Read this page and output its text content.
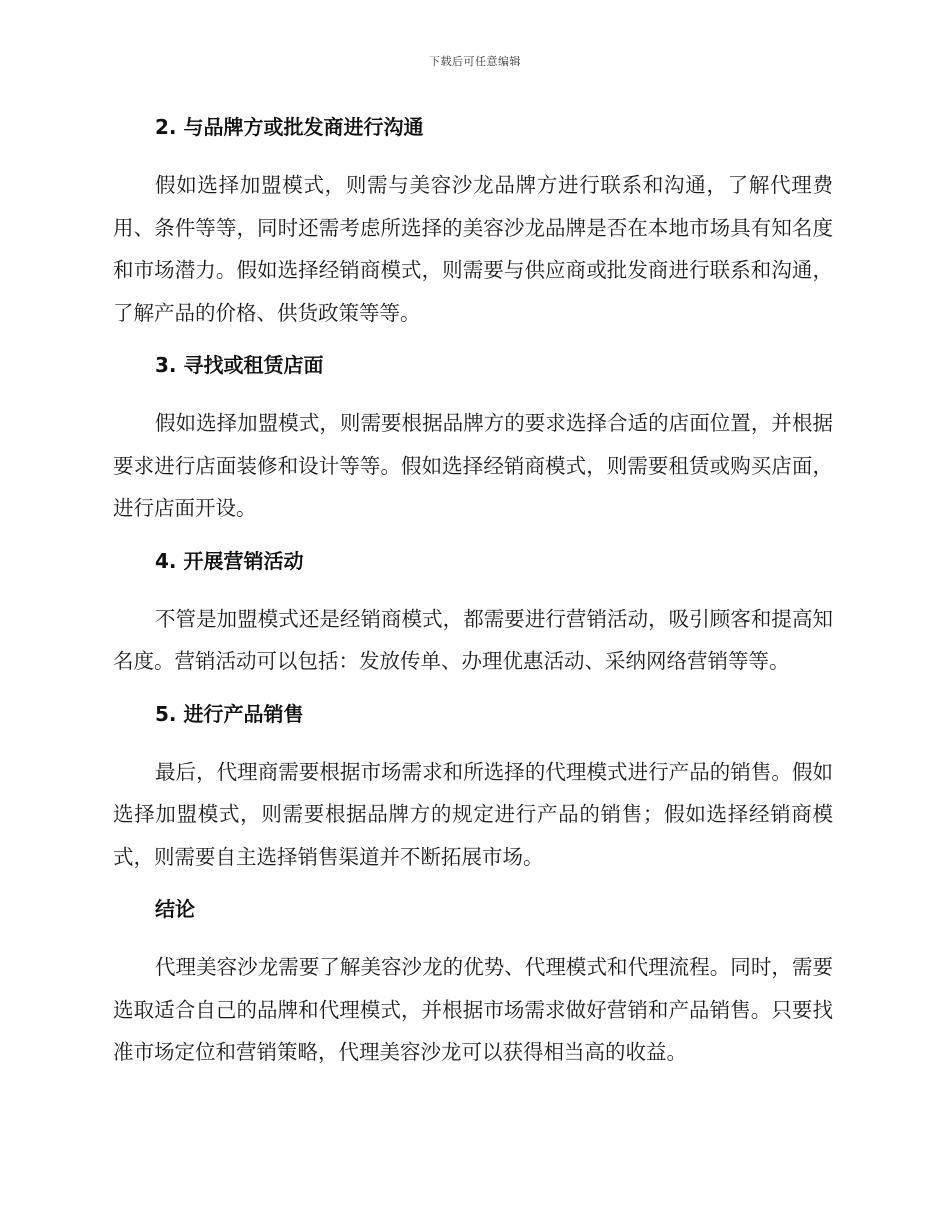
下载后可任意编辑
2. 与品牌方或批发商进行沟通

假如选择加盟模式，则需与美容沙龙品牌方进行联系和沟通，了解代理费用、条件等等，同时还需考虑所选择的美容沙龙品牌是否在本地市场具有知名度和市场潜力。假如选择经销商模式，则需要与供应商或批发商进行联系和沟通，了解产品的价格、供货政策等等。

3. 寻找或租赁店面

假如选择加盟模式，则需要根据品牌方的要求选择合适的店面位置，并根据要求进行店面装修和设计等等。假如选择经销商模式，则需要租赁或购买店面，进行店面开设。

4. 开展营销活动

不管是加盟模式还是经销商模式，都需要进行营销活动，吸引顾客和提高知名度。营销活动可以包括：发放传单、办理优惠活动、采纳网络营销等等。

5. 进行产品销售

最后，代理商需要根据市场需求和所选择的代理模式进行产品的销售。假如选择加盟模式，则需要根据品牌方的规定进行产品的销售；假如选择经销商模式，则需要自主选择销售渠道并不断拓展市场。

结论

代理美容沙龙需要了解美容沙龙的优势、代理模式和代理流程。同时，需要选取适合自己的品牌和代理模式，并根据市场需求做好营销和产品销售。只要找准市场定位和营销策略，代理美容沙龙可以获得相当高的收益。
